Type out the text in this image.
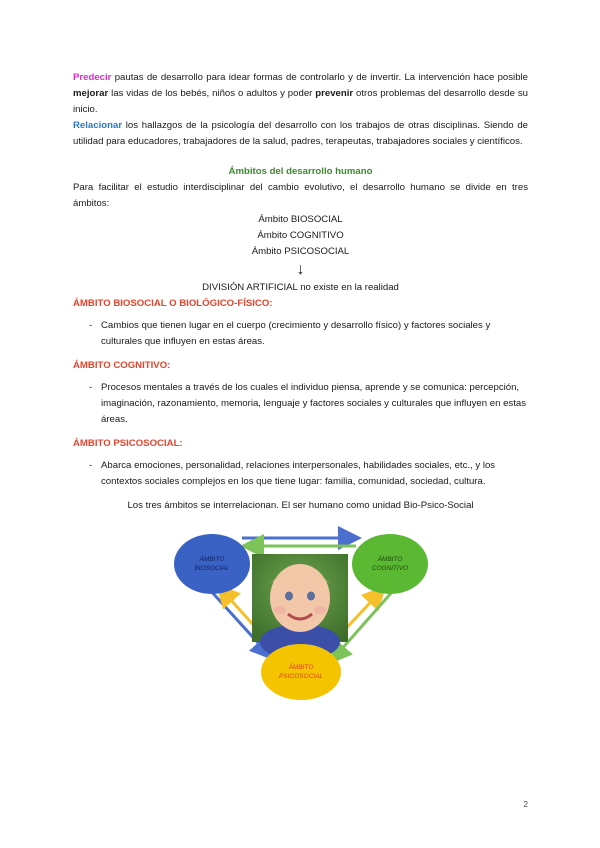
Predecir pautas de desarrollo para idear formas de controlarlo y de invertir. La intervención hace posible mejorar las vidas de los bebés, niños o adultos y poder prevenir otros problemas del desarrollo desde su inicio.

Relacionar los hallazgos de la psicología del desarrollo con los trabajos de otras disciplinas. Siendo de utilidad para educadores, trabajadores de la salud, padres, terapeutas, trabajadores sociales y científicos.

Ámbitos del desarrollo humano

Para facilitar el estudio interdisciplinar del cambio evolutivo, el desarrollo humano se divide en tres ámbitos:

Ámbito BIOSOCIAL

Ámbito COGNITIVO

Ámbito PSICOSOCIAL

↓

DIVISIÓN ARTIFICIAL no existe en la realidad

ÁMBITO BIOSOCIAL O BIOLÓGICO-FÍSICO:

- Cambios que tienen lugar en el cuerpo (crecimiento y desarrollo físico) y factores sociales y culturales que influyen en estas áreas.

ÁMBITO COGNITIVO:

- Procesos mentales a través de los cuales el individuo piensa, aprende y se comunica: percepción, imaginación, razonamiento, memoria, lenguaje y factores sociales y culturales que influyen en estas áreas.

ÁMBITO PSICOSOCIAL:

- Abarca emociones, personalidad, relaciones interpersonales, habilidades sociales, etc., y los contextos sociales complejos en los que tiene lugar: familia, comunidad, sociedad, cultura.

Los tres ámbitos se interrelacionan. El ser humano como unidad Bio-Psico-Social

ÁMBITO
BIOSOCIAL
ÁMBITO
COGNITIVO
ÁMBITO
PSICOSOCIAL
2
